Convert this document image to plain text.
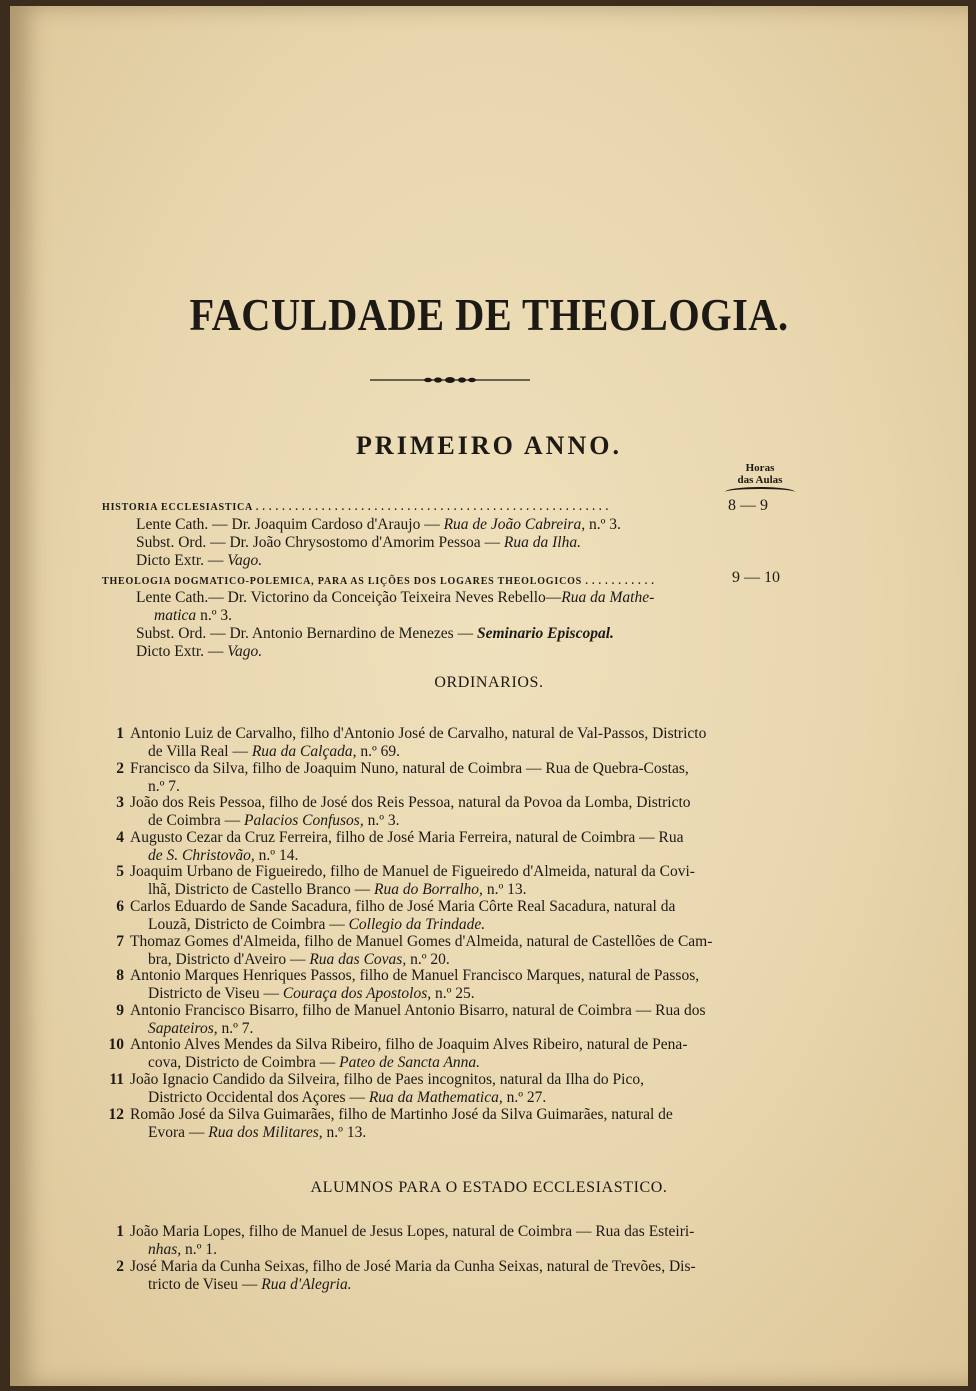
FACULDADE DE THEOLOGIA.
PRIMEIRO ANNO.
Horas
das Aulas
HISTORIA ECCLESIASTICA . . . . . . . . . . . . . . . . . . . . . . . . . . . . . . . . . . . . . . . . . . . . . . . . . . . . . .	8 — 9
Lente Cath. — Dr. Joaquim Cardoso d'Araujo — Rua de João Cabreira, n.º 3.
Subst. Ord. — Dr. João Chrysostomo d'Amorim Pessoa — Rua da Ilha.
Dicto Extr. — Vago.
THEOLOGIA DOGMATICO-POLEMICA, PARA AS LIÇÕES DOS LOGARES THEOLOGICOS . . . . . . . . . . .	9 — 10
Lente Cath.— Dr. Victorino da Conceição Teixeira Neves Rebello—Rua da Mathe-
matica n.º 3.
Subst. Ord. — Dr. Antonio Bernardino de Menezes — Seminario Episcopal.
Dicto Extr. — Vago.
ORDINARIOS.
1 Antonio Luiz de Carvalho, filho d'Antonio José de Carvalho, natural de Val-Passos, Districto
de Villa Real — Rua da Calçada, n.º 69.
2 Francisco da Silva, filho de Joaquim Nuno, natural de Coimbra — Rua de Quebra-Costas,
n.º 7.
3 João dos Reis Pessoa, filho de José dos Reis Pessoa, natural da Povoa da Lomba, Districto
de Coimbra — Palacios Confusos, n.º 3.
4 Augusto Cezar da Cruz Ferreira, filho de José Maria Ferreira, natural de Coimbra — Rua
de S. Christovão, n.º 14.
5 Joaquim Urbano de Figueiredo, filho de Manuel de Figueiredo d'Almeida, natural da Covi-
lhã, Districto de Castello Branco — Rua do Borralho, n.º 13.
6 Carlos Eduardo de Sande Sacadura, filho de José Maria Côrte Real Sacadura, natural da
Louzã, Districto de Coimbra — Collegio da Trindade.
7 Thomaz Gomes d'Almeida, filho de Manuel Gomes d'Almeida, natural de Castellões de Cam-
bra, Districto d'Aveiro — Rua das Covas, n.º 20.
8 Antonio Marques Henriques Passos, filho de Manuel Francisco Marques, natural de Passos,
Districto de Viseu — Couraça dos Apostolos, n.º 25.
9 Antonio Francisco Bisarro, filho de Manuel Antonio Bisarro, natural de Coimbra — Rua dos
Sapateiros, n.º 7.
10 Antonio Alves Mendes da Silva Ribeiro, filho de Joaquim Alves Ribeiro, natural de Pena-
cova, Districto de Coimbra — Pateo de Sancta Anna.
11 João Ignacio Candido da Silveira, filho de Paes incognitos, natural da Ilha do Pico,
Districto Occidental dos Açores — Rua da Mathematica, n.º 27.
12 Romão José da Silva Guimarães, filho de Martinho José da Silva Guimarães, natural de
Evora — Rua dos Militares, n.º 13.
ALUMNOS PARA O ESTADO ECCLESIASTICO.
1 João Maria Lopes, filho de Manuel de Jesus Lopes, natural de Coimbra — Rua das Esteiri-
nhas, n.º 1.
2 José Maria da Cunha Seixas, filho de José Maria da Cunha Seixas, natural de Trevões, Dis-
tricto de Viseu — Rua d'Alegria.
